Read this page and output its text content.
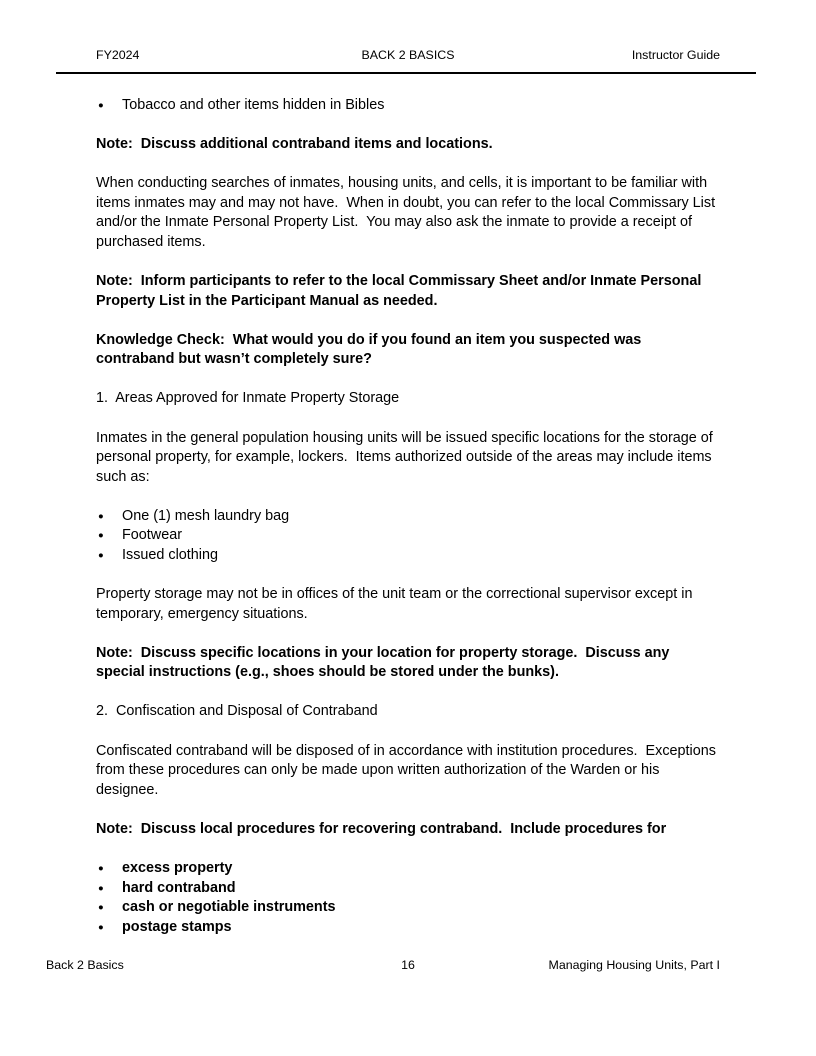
FY2024	BACK 2 BASICS	Instructor Guide
●	Tobacco and other items hidden in Bibles
Note:  Discuss additional contraband items and locations.
When conducting searches of inmates, housing units, and cells, it is important to be familiar with items inmates may and may not have.  When in doubt, you can refer to the local Commissary List and/or the Inmate Personal Property List.  You may also ask the inmate to provide a receipt of purchased items.
Note:  Inform participants to refer to the local Commissary Sheet and/or Inmate Personal Property List in the Participant Manual as needed.
Knowledge Check:  What would you do if you found an item you suspected was contraband but wasn’t completely sure?
1.  Areas Approved for Inmate Property Storage
Inmates in the general population housing units will be issued specific locations for the storage of personal property, for example, lockers.  Items authorized outside of the areas may include items such as:
●	One (1) mesh laundry bag
●	Footwear
●	Issued clothing
Property storage may not be in offices of the unit team or the correctional supervisor except in temporary, emergency situations.
Note:  Discuss specific locations in your location for property storage.  Discuss any special instructions (e.g., shoes should be stored under the bunks).
2.  Confiscation and Disposal of Contraband
Confiscated contraband will be disposed of in accordance with institution procedures.  Exceptions from these procedures can only be made upon written authorization of the Warden or his designee.
Note:  Discuss local procedures for recovering contraband.  Include procedures for
●	excess property
●	hard contraband
●	cash or negotiable instruments
●	postage stamps
Back 2 Basics	16	Managing Housing Units, Part I
